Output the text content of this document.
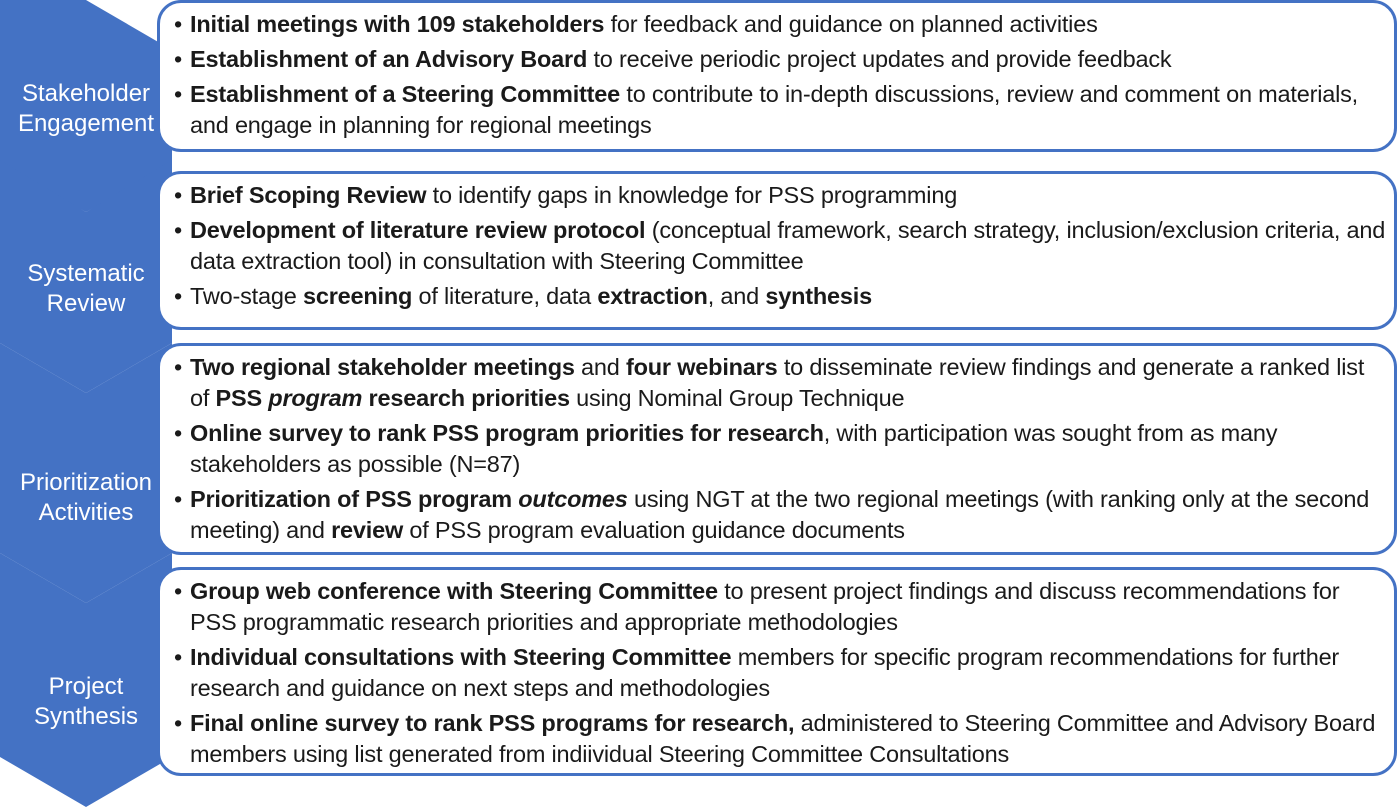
Stakeholder
Engagement
Systematic
Review
Prioritization
Activities
Project
Synthesis
• Initial meetings with 109 stakeholders for feedback and guidance on planned activities
• Establishment of an Advisory Board to receive periodic project updates and provide feedback
• Establishment of a Steering Committee to contribute to in-depth discussions, review and comment on materials, and engage in planning for regional meetings
• Brief Scoping Review to identify gaps in knowledge for PSS programming
• Development of literature review protocol (conceptual framework, search strategy, inclusion/exclusion criteria, and data extraction tool) in consultation with Steering Committee
• Two-stage screening of literature, data extraction, and synthesis
• Two regional stakeholder meetings and four webinars to disseminate review findings and generate a ranked list of PSS program research priorities using Nominal Group Technique
• Online survey to rank PSS program priorities for research, with participation was sought from as many stakeholders as possible (N=87)
• Prioritization of PSS program outcomes using NGT at the two regional meetings (with ranking only at the second meeting) and review of PSS program evaluation guidance documents
• Group web conference with Steering Committee to present project findings and discuss recommendations for PSS programmatic research priorities and appropriate methodologies
• Individual consultations with Steering Committee members for specific program recommendations for further research and guidance on next steps and methodologies
• Final online survey to rank PSS programs for research, administered to Steering Committee and Advisory Board members using list generated from indiividual Steering Committee Consultations
